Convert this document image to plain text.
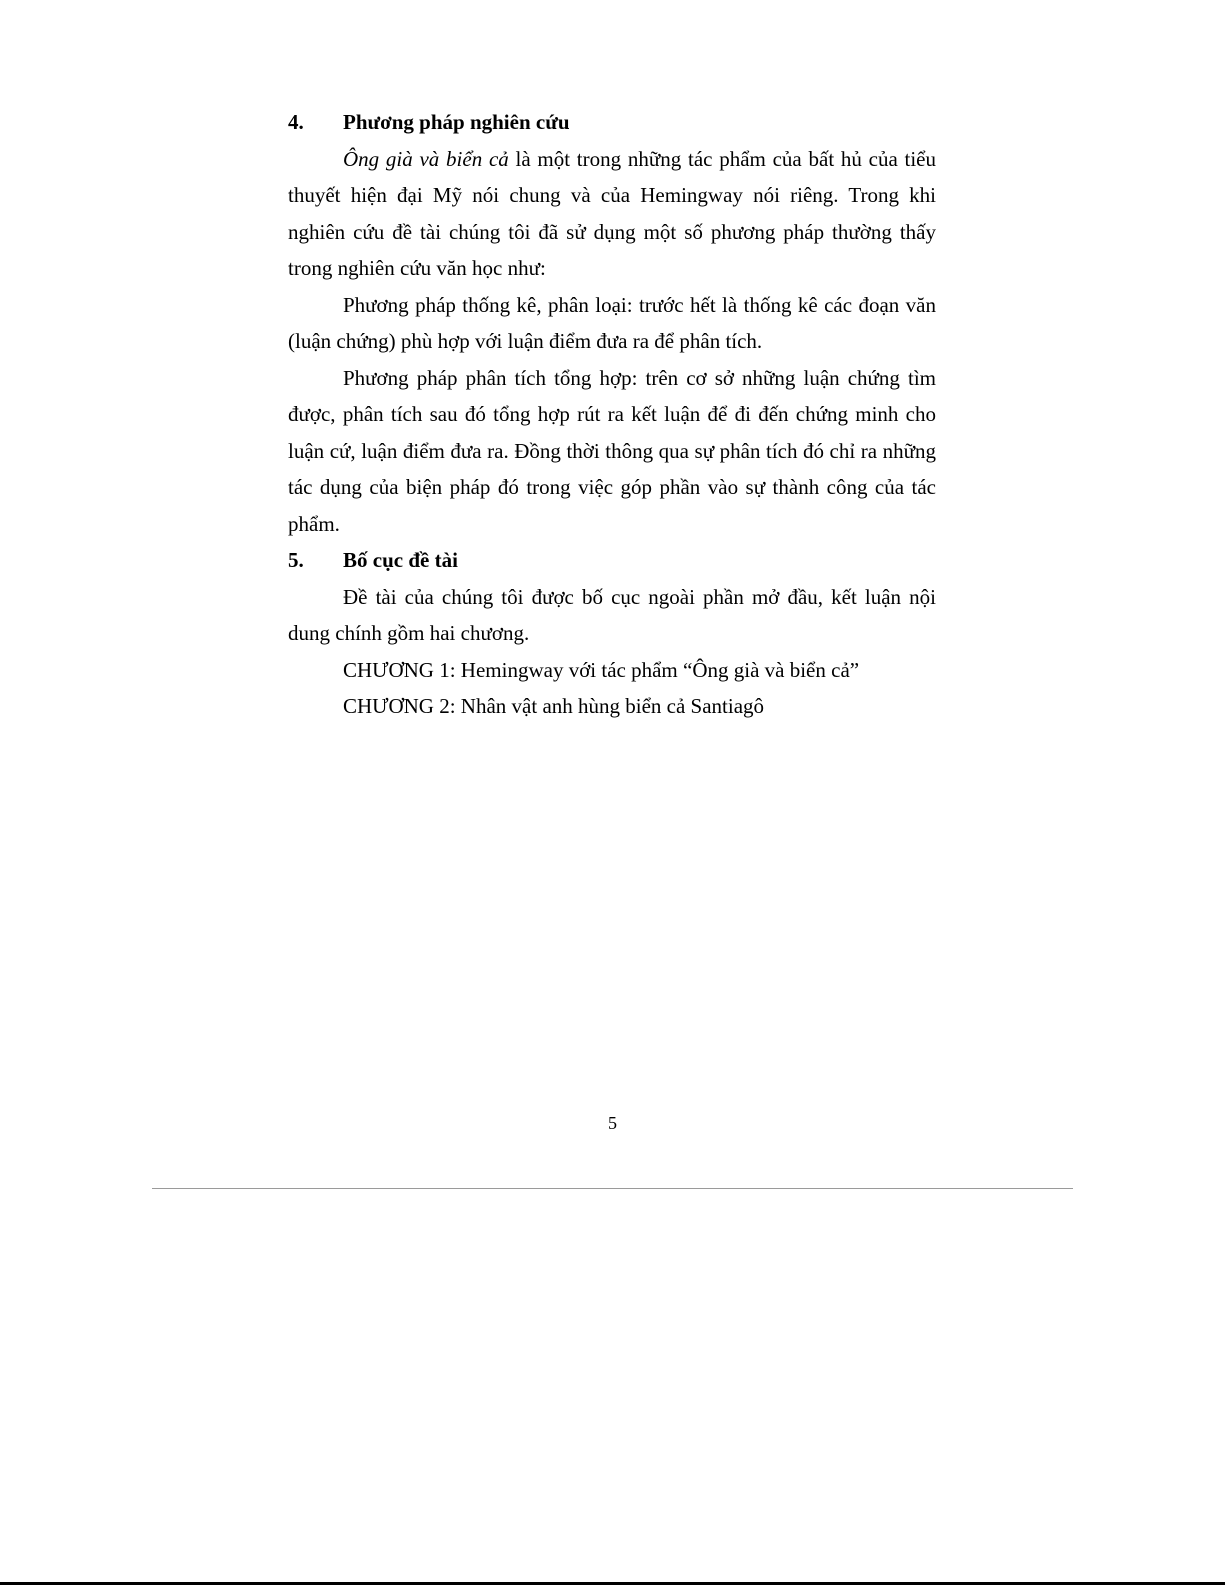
4.	Phương pháp nghiên cứu

Ông già và biển cả là một trong những tác phẩm của bất hủ của tiểu thuyết hiện đại Mỹ nói chung và của Hemingway nói riêng. Trong khi nghiên cứu đề tài chúng tôi đã sử dụng một số phương pháp thường thấy trong nghiên cứu văn học như:

Phương pháp thống kê, phân loại: trước hết là thống kê các đoạn văn (luận chứng) phù hợp với luận điểm đưa ra để phân tích.

Phương pháp phân tích tổng hợp: trên cơ sở những luận chứng tìm được, phân tích sau đó tổng hợp rút ra kết luận để đi đến chứng minh cho luận cứ, luận điểm đưa ra. Đồng thời thông qua sự phân tích đó chỉ ra những tác dụng của biện pháp đó trong việc góp phần vào sự thành công của tác phẩm.

5.	Bố cục đề tài

Đề tài của chúng tôi được bố cục ngoài phần mở đầu, kết luận nội dung chính gồm hai chương.

CHƯƠNG 1: Hemingway với tác phẩm “Ông già và biển cả”

CHƯƠNG 2: Nhân vật anh hùng biển cả Santiagô

5
